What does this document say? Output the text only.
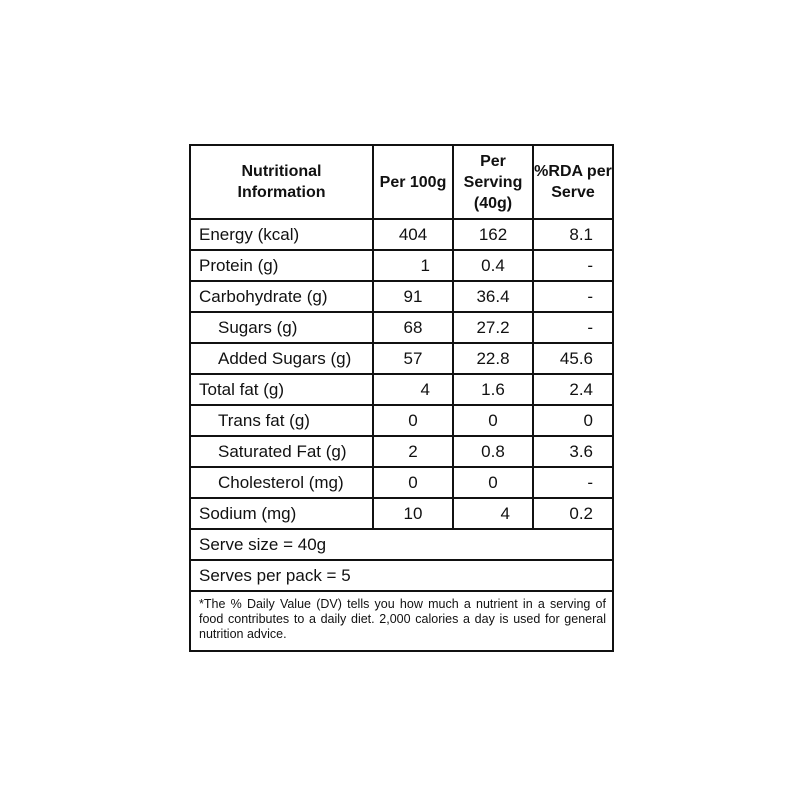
Nutritional Information	Per 100g	Per Serving (40g)	%RDA per Serve
Energy (kcal)	404	162	8.1
Protein (g)	1	0.4	-
Carbohydrate (g)	91	36.4	-
Sugars (g)	68	27.2	-
Added Sugars (g)	57	22.8	45.6
Total fat (g)	4	1.6	2.4
Trans fat (g)	0	0	0
Saturated Fat (g)	2	0.8	3.6
Cholesterol (mg)	0	0	-
Sodium (mg)	10	4	0.2
Serve size = 40g			
Serves per pack = 5			
*The % Daily Value (DV) tells you how much a nutrient in a serving of food contributes to a daily diet. 2,000 calories a day is used for general nutrition advice.			
